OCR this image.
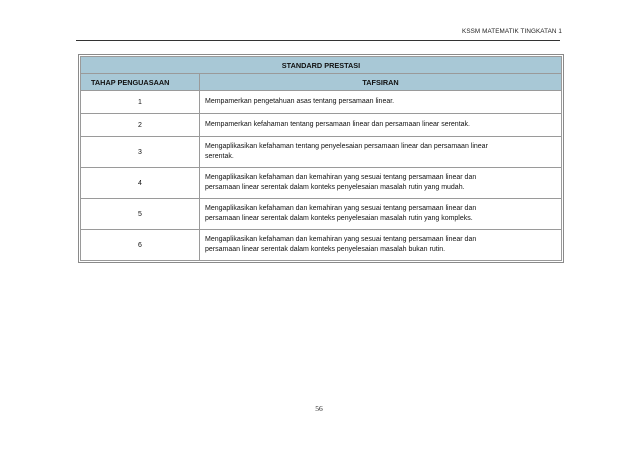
KSSM MATEMATIK TINGKATAN 1
STANDARD PRESTASI	
TAHAP PENGUASAAN	TAFSIRAN
1	Mempamerkan pengetahuan asas tentang persamaan linear.
2	Mempamerkan kefahaman tentang persamaan linear dan persamaan linear serentak.
3	Mengaplikasikan kefahaman tentang penyelesaian persamaan linear dan persamaan linear
serentak.
4	Mengaplikasikan kefahaman dan kemahiran yang sesuai tentang persamaan linear dan
persamaan linear serentak dalam konteks penyelesaian masalah rutin yang mudah.
5	Mengaplikasikan kefahaman dan kemahiran yang sesuai tentang persamaan linear dan
persamaan linear serentak dalam konteks penyelesaian masalah rutin yang kompleks.
6	Mengaplikasikan kefahaman dan kemahiran yang sesuai tentang persamaan linear dan
persamaan linear serentak dalam konteks penyelesaian masalah bukan rutin.
56
